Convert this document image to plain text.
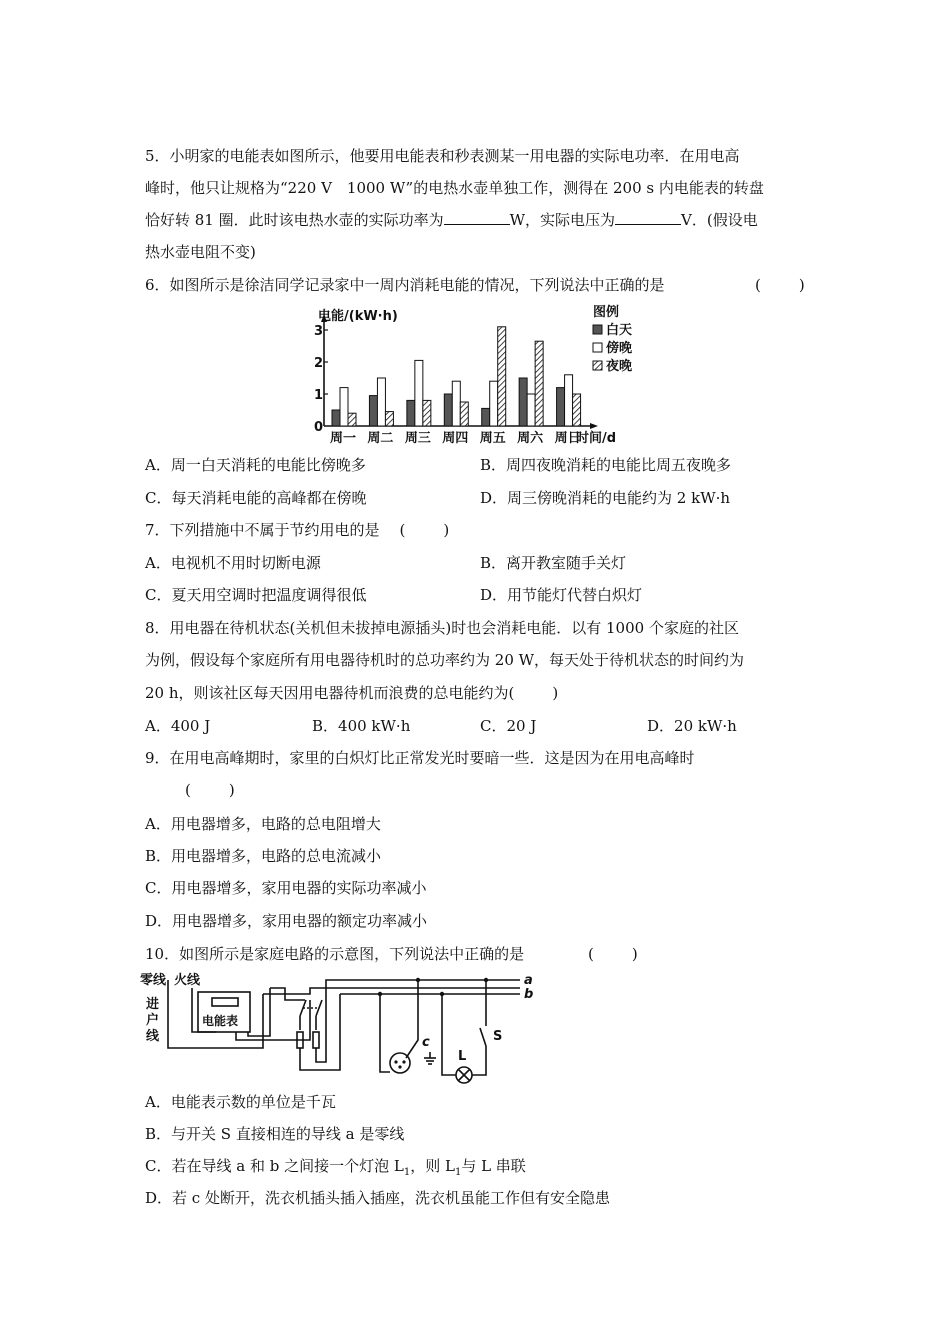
5．小明家的电能表如图所示，他要用电能表和秒表测某一用电器的实际电功率．在用电高
峰时，他只让规格为“220 V　1000 W”的电热水壶单独工作，测得在 200 s 内电能表的转盘
恰好转 81 圈．此时该电热水壶的实际功率为	W，实际电压为	V．(假设电
热水壶电阻不变)
6．如图所示是徐洁同学记录家中一周内消耗电能的情况，下列说法中正确的是	(	)
0
1
2
3
电能/(kW·h)
周一 周二 周三 周四 周五 周六 周日
时间/d
图例
白天
傍晚
夜晚
A．周一白天消耗的电能比傍晚多	B．周四夜晚消耗的电能比周五夜晚多
C．每天消耗电能的高峰都在傍晚	D．周三傍晚消耗的电能约为 2 kW·h
7．下列措施中不属于节约用电的是 (	)
A．电视机不用时切断电源	B．离开教室随手关灯
C．夏天用空调时把温度调得很低	D．用节能灯代替白炽灯
8．用电器在待机状态(关机但未拔掉电源插头)时也会消耗电能．以有 1000 个家庭的社区
为例，假设每个家庭所有用电器待机时的总功率约为 20 W，每天处于待机状态的时间约为
20 h，则该社区每天因用电器待机而浪费的总电能约为(	)
A．400 J	B．400 kW·h	C．20 J	D．20 kW·h
9．在用电高峰期时，家里的白炽灯比正常发光时要暗一些．这是因为在用电高峰时
(	)
A．用电器增多，电路的总电阻增大
B．用电器增多，电路的总电流减小
C．用电器增多，家用电器的实际功率减小
D．用电器增多，家用电器的额定功率减小
10．如图所示是家庭电路的示意图，下列说法中正确的是	(	)
零线 火线
进
户
线
电能表
S
L
a
b
c
A．电能表示数的单位是千瓦
B．与开关 S 直接相连的导线 a 是零线
C．若在导线 a 和 b 之间接一个灯泡 $L_1$，则 $L_1$与 L 串联
D．若 c 处断开，洗衣机插头插入插座，洗衣机虽能工作但有安全隐患
